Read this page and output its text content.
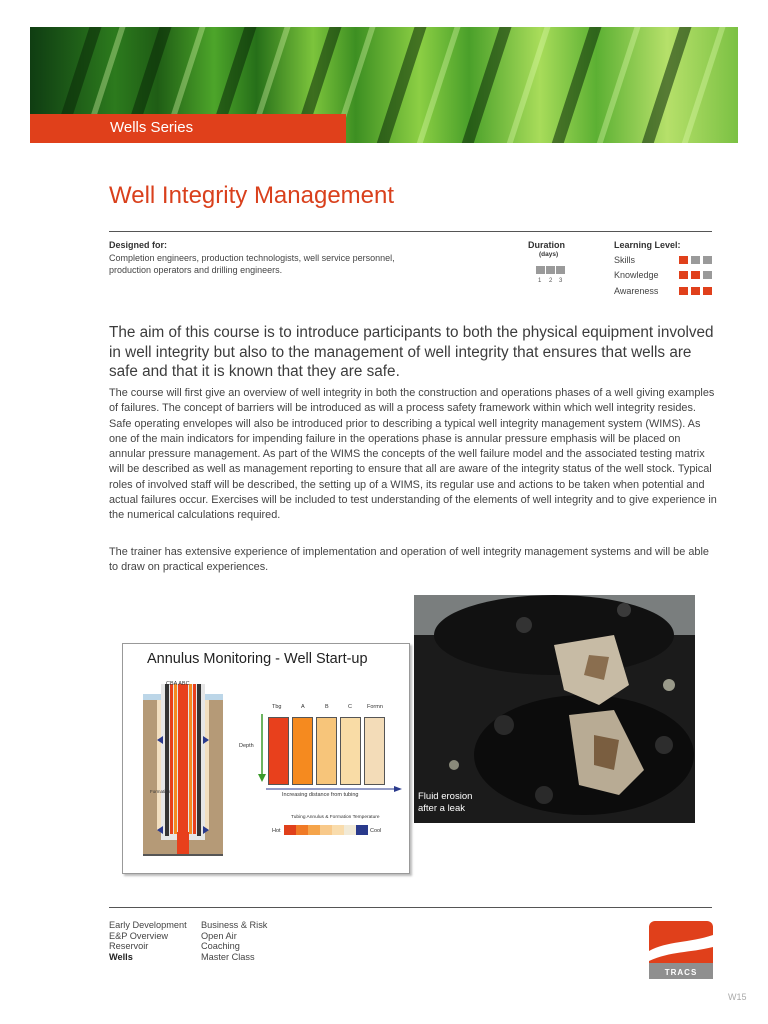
Wells Series
Well Integrity Management
Designed for:
Completion engineers, production technologists, well service personnel, production operators and drilling engineers.
Duration
(days)
1 2 3
Learning Level:
Skills
Knowledge
Awareness
The aim of this course is to introduce participants to both the physical equipment involved in well integrity but also to the management of well integrity that ensures that wells are safe and that it is known that they are safe.
The course will first give an overview of well integrity in both the construction and operations phases of a well giving examples of failures. The concept of barriers will be introduced as will a process safety framework within which well integrity resides. Safe operating envelopes will also be introduced prior to describing a typical well integrity management system (WIMS). As one of the main indicators for impending failure in the operations phase is annular pressure emphasis will be placed on annular pressure management. As part of the WIMS the concepts of the well failure model and the associated testing matrix will be described as well as management reporting to ensure that all are aware of the integrity status of the well stock. Typical roles of involved staff will be described, the setting up of a WIMS, its regular use and actions to be taken when potential and actual failures occur. Exercises will be included to test understanding of the elements of well integrity and to give experience in the numerical calculations required.
The trainer has extensive experience of implementation and operation of well integrity management systems and will be able to draw on practical experiences.
Fluid erosion
after a leak
Annulus Monitoring - Well Start-up
CBA ABC
Formation
Tbg	A	B	C	Formn
Depth
Increasing distance from tubing
Tubing Annulus & Formation Temperature
Hot	Cool
Early Development
E&P Overview
Reservoir
Wells
Business & Risk
Open Air
Coaching
Master Class
TRACS
W15
